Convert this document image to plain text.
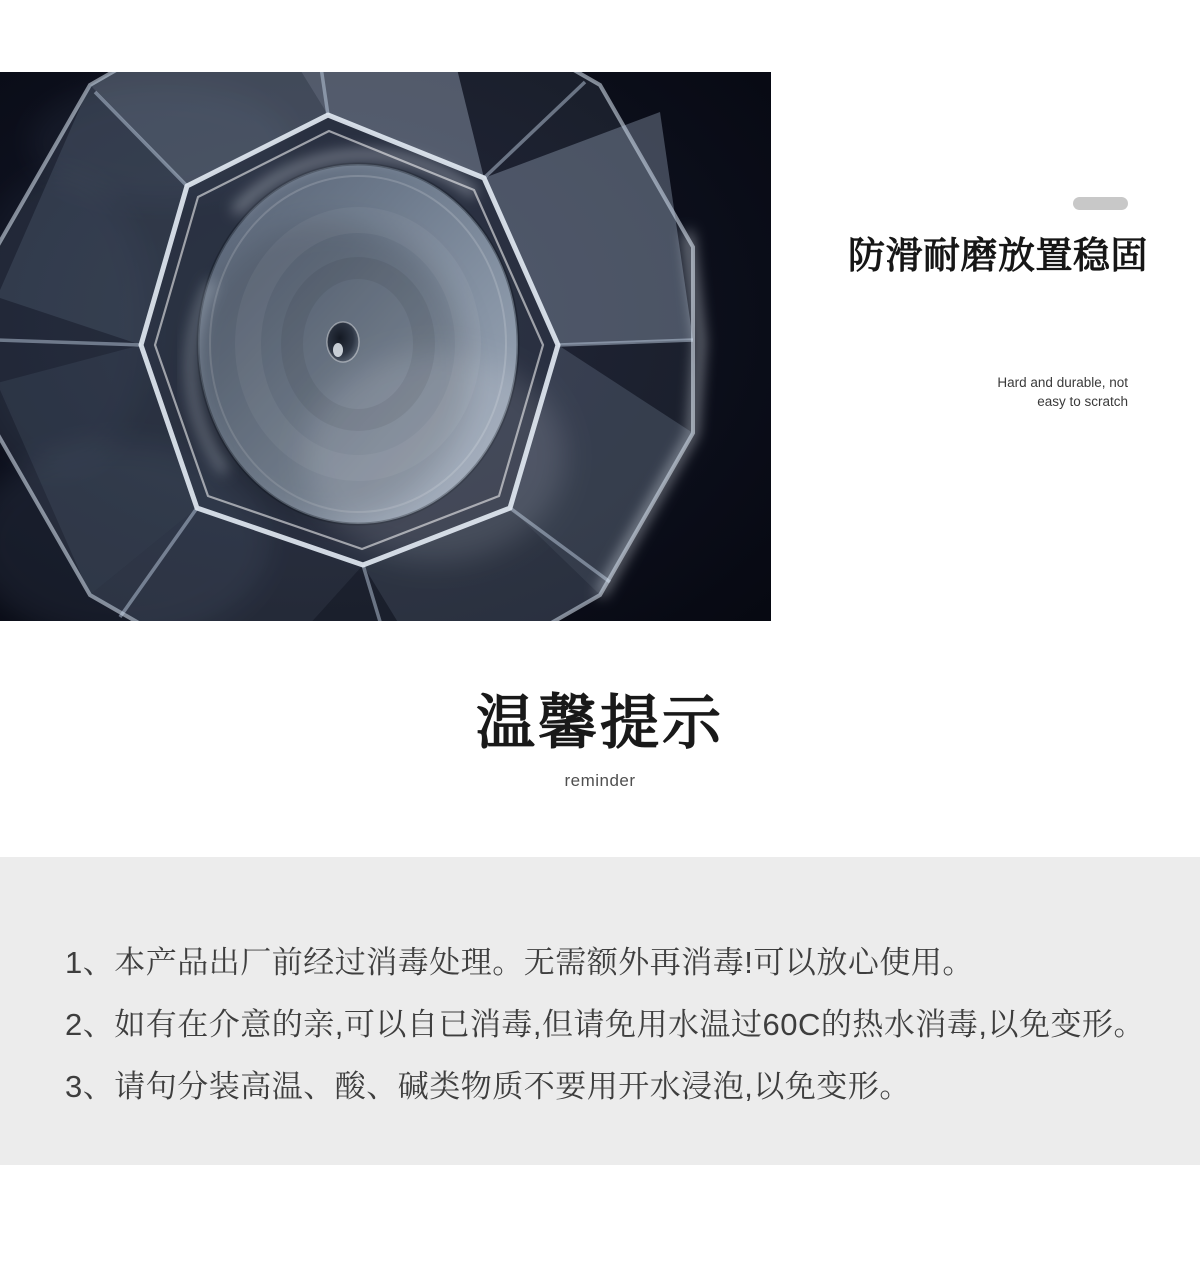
防滑耐磨放置稳固

Hard and durable, not
easy to scratch

温馨提示
reminder

1、本产品出厂前经过消毒处理。无需额外再消毒!可以放心使用。

2、如有在介意的亲,可以自已消毒,但请免用水温过60C的热水消毒,以免变形。

3、请句分装高温、酸、碱类物质不要用开水浸泡,以免变形。
